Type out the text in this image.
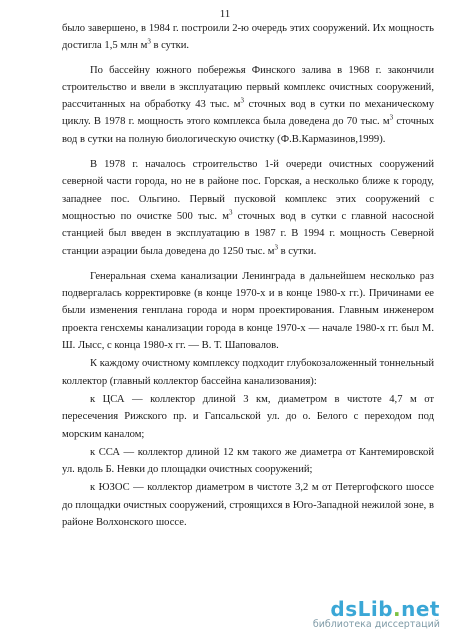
11

было завершено, в 1984 г. построили 2-ю очередь этих сооружений. Их мощность достигла 1,5 млн $м^3$ в сутки.

По бассейну южного побережья Финского залива в 1968 г. закончили строительство и ввели в эксплуатацию первый комплекс очистных сооружений, рассчитанных на обработку 43 тыс. $м^3$ сточных вод в сутки по механическому циклу. В 1978 г. мощность этого комплекса была доведена до 70 тыс. $м^3$ сточных вод в сутки на полную биологическую очистку (Ф.В.Кармазинов,1999).

В 1978 г. началось строительство 1-й очереди очистных сооружений северной части города, но не в районе пос. Горская, а несколько ближе к городу, западнее пос. Ольгино. Первый пусковой комплекс этих сооружений с мощностью по очистке 500 тыс. $м^3$ сточных вод в сутки с главной насосной станцией был введен в эксплуатацию в 1987 г. В 1994 г. мощность Северной станции аэрации была доведена до 1250 тыс. $м^3$ в сутки.

Генеральная схема канализации Ленинграда в дальнейшем несколько раз подвергалась корректировке (в конце 1970-х и в конце 1980-х гг.). Причинами ее были изменения генплана города и норм проектирования. Главным инженером проекта генсхемы канализации города в конце 1970-х — начале 1980-х гг. был М. Ш. Лысс, с конца 1980-х гг. — В. Т. Шаповалов.

К каждому очистному комплексу подходит глубокозаложенный тоннельный коллектор (главный коллектор бассейна канализования):

к ЦСА — коллектор длиной 3 км, диаметром в чистоте 4,7 м от пересечения Рижского пр. и Гапсальской ул. до о. Белого с переходом под морским каналом;

к ССА — коллектор длиной 12 км такого же диаметра от Кантемировской ул. вдоль Б. Невки до площадки очистных сооружений;

к ЮЗОС — коллектор диаметром в чистоте 3,2 м от Петергофского шоссе до площадки очистных сооружений, строящихся в Юго-Западной нежилой зоне, в районе Волхонского шоссе.

dsLib.net
библиотека диссертаций
